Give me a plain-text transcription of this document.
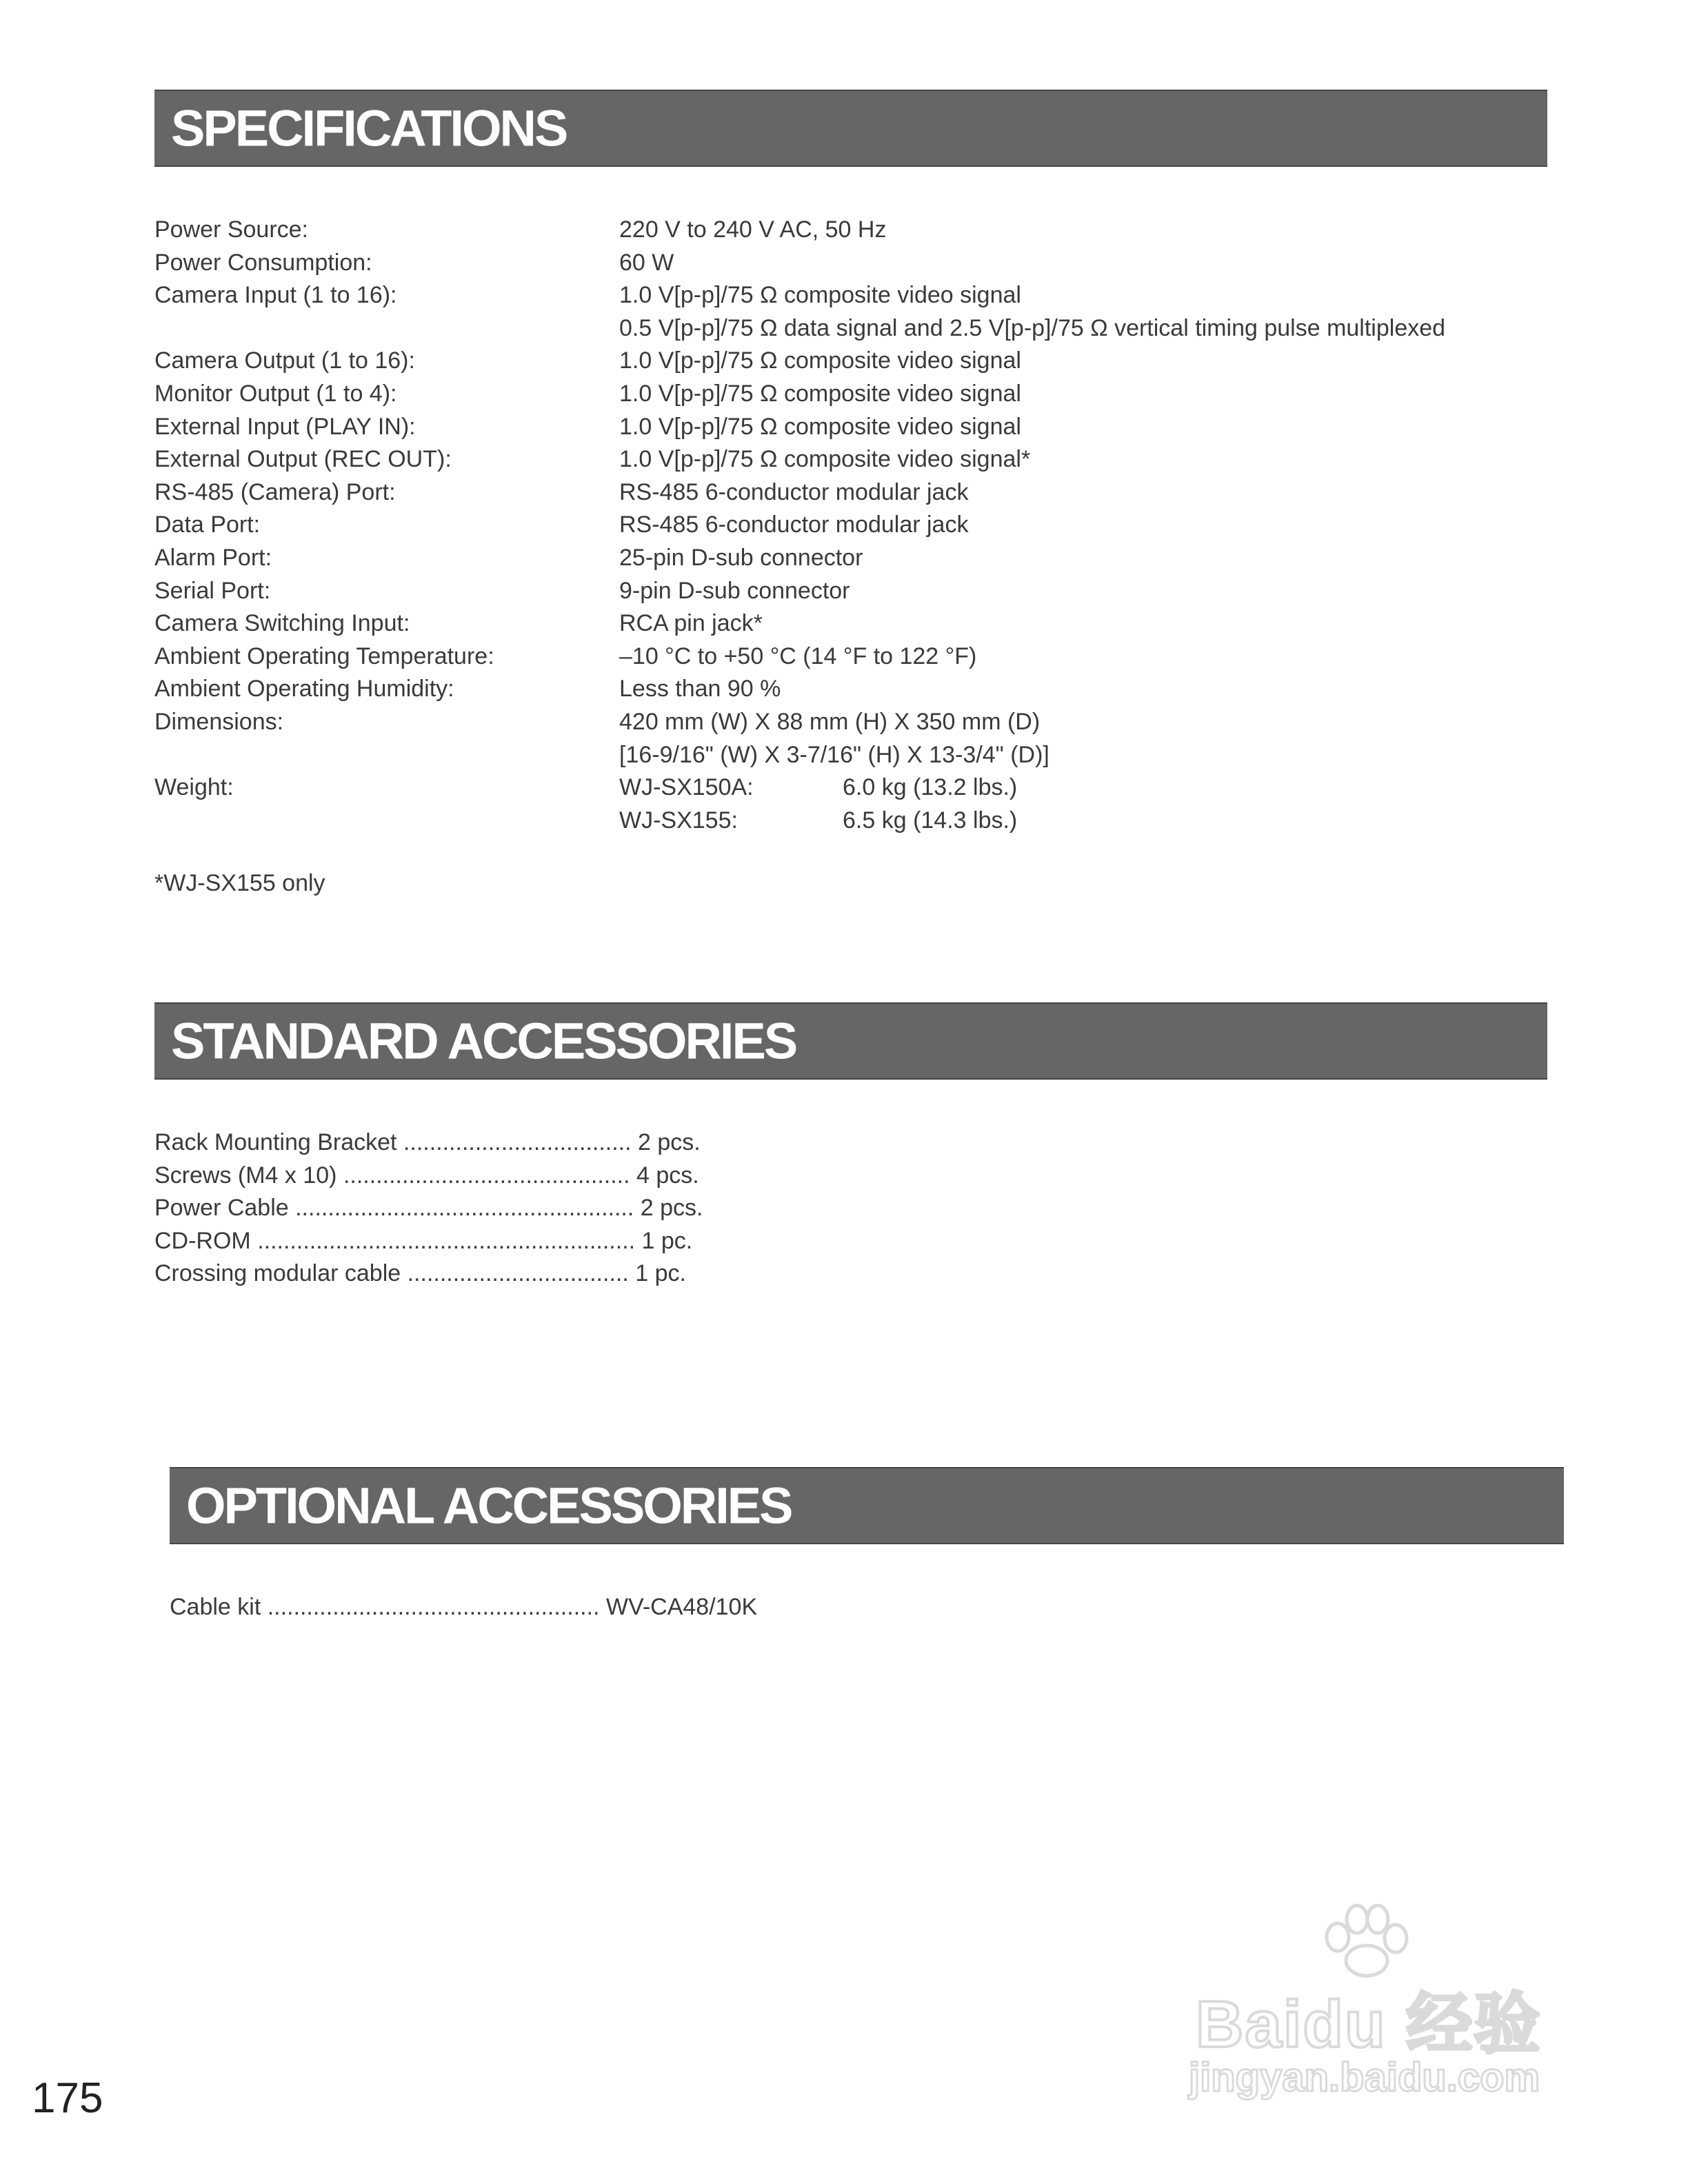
SPECIFICATIONS
Power Source:	220 V to 240 V AC, 50 Hz
Power Consumption:	60 W
Camera Input (1 to 16):	1.0 V[p-p]/75 Ω composite video signal
0.5 V[p-p]/75 Ω data signal and 2.5 V[p-p]/75 Ω vertical timing pulse multiplexed
Camera Output (1 to 16):	1.0 V[p-p]/75 Ω composite video signal
Monitor Output (1 to 4):	1.0 V[p-p]/75 Ω composite video signal
External Input (PLAY IN):	1.0 V[p-p]/75 Ω composite video signal
External Output (REC OUT):	1.0 V[p-p]/75 Ω composite video signal*
RS-485 (Camera) Port:	RS-485 6-conductor modular jack
Data Port:	RS-485 6-conductor modular jack
Alarm Port:	25-pin D-sub connector
Serial Port:	9-pin D-sub connector
Camera Switching Input:	RCA pin jack*
Ambient Operating Temperature:	–10 °C to +50 °C (14 °F to 122 °F)
Ambient Operating Humidity:	Less than 90 %
Dimensions:	420 mm (W) X 88 mm (H) X 350 mm (D)
[16-9/16" (W) X 3-7/16" (H) X 13-3/4" (D)]
Weight:	WJ-SX150A:	6.0 kg (13.2 lbs.)
WJ-SX155:	6.5 kg (14.3 lbs.)
*WJ-SX155 only
STANDARD ACCESSORIES
Rack Mounting Bracket ................................... 2 pcs.
Screws (M4 x 10) ............................................ 4 pcs.
Power Cable .................................................... 2 pcs.
CD-ROM .......................................................... 1 pc.
Crossing modular cable .................................. 1 pc.
OPTIONAL ACCESSORIES
Cable kit ................................................... WV-CA48/10K
175
Baidu 经验
jingyan.baidu.com
